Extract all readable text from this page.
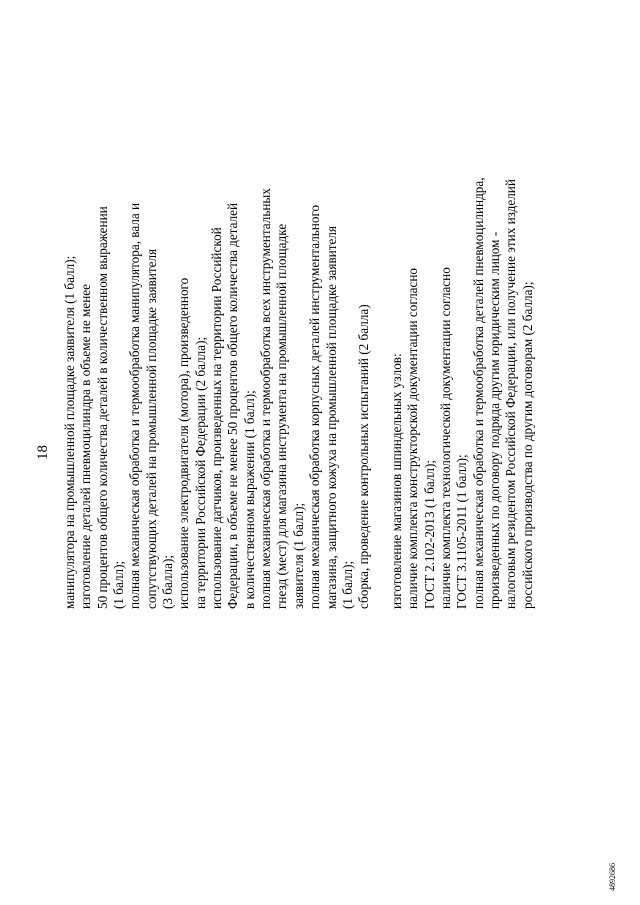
18 манипулятора на промышленной площадке заявителя (1 балл); изготовление деталей пневмоцилиндра в объеме не менее 50 процентов общего количества деталей в количественном выражении (1 балл); полная механическая обработка и термообработка манипулятора, вала и сопутствующих деталей на промышленной площадке заявителя (3 балла); использование электродвигателя (мотора), произведенного на территории Российской Федерации (2 балла); использование датчиков, произведенных на территории Российской Федерации, в объеме не менее 50 процентов общего количества деталей в количественном выражении (1 балл); полная механическая обработка и термообработка всех инструментальных гнезд (мест) для магазина инструмента на промышленной площадке заявителя (1 балл); полная механическая обработка корпусных деталей инструментального магазина, защитного кожуха на промышленной площадке заявителя (1 балл); сборка, проведение контрольных испытаний (2 балла) изготовление магазинов шпиндельных узлов: наличие комплекта конструкторской документации согласно ГОСТ 2.102-2013 (1 балл); наличие комплекта технологической документации согласно ГОСТ 3.1105-2011 (1 балл); полная механическая обработка и термообработка деталей пневмоцилиндра, произведенных по договору подряда другим юридическим лицом - налоговым резидентом Российской Федерации, или получение этих изделий российского производства по другим договорам (2 балла);
4892686
